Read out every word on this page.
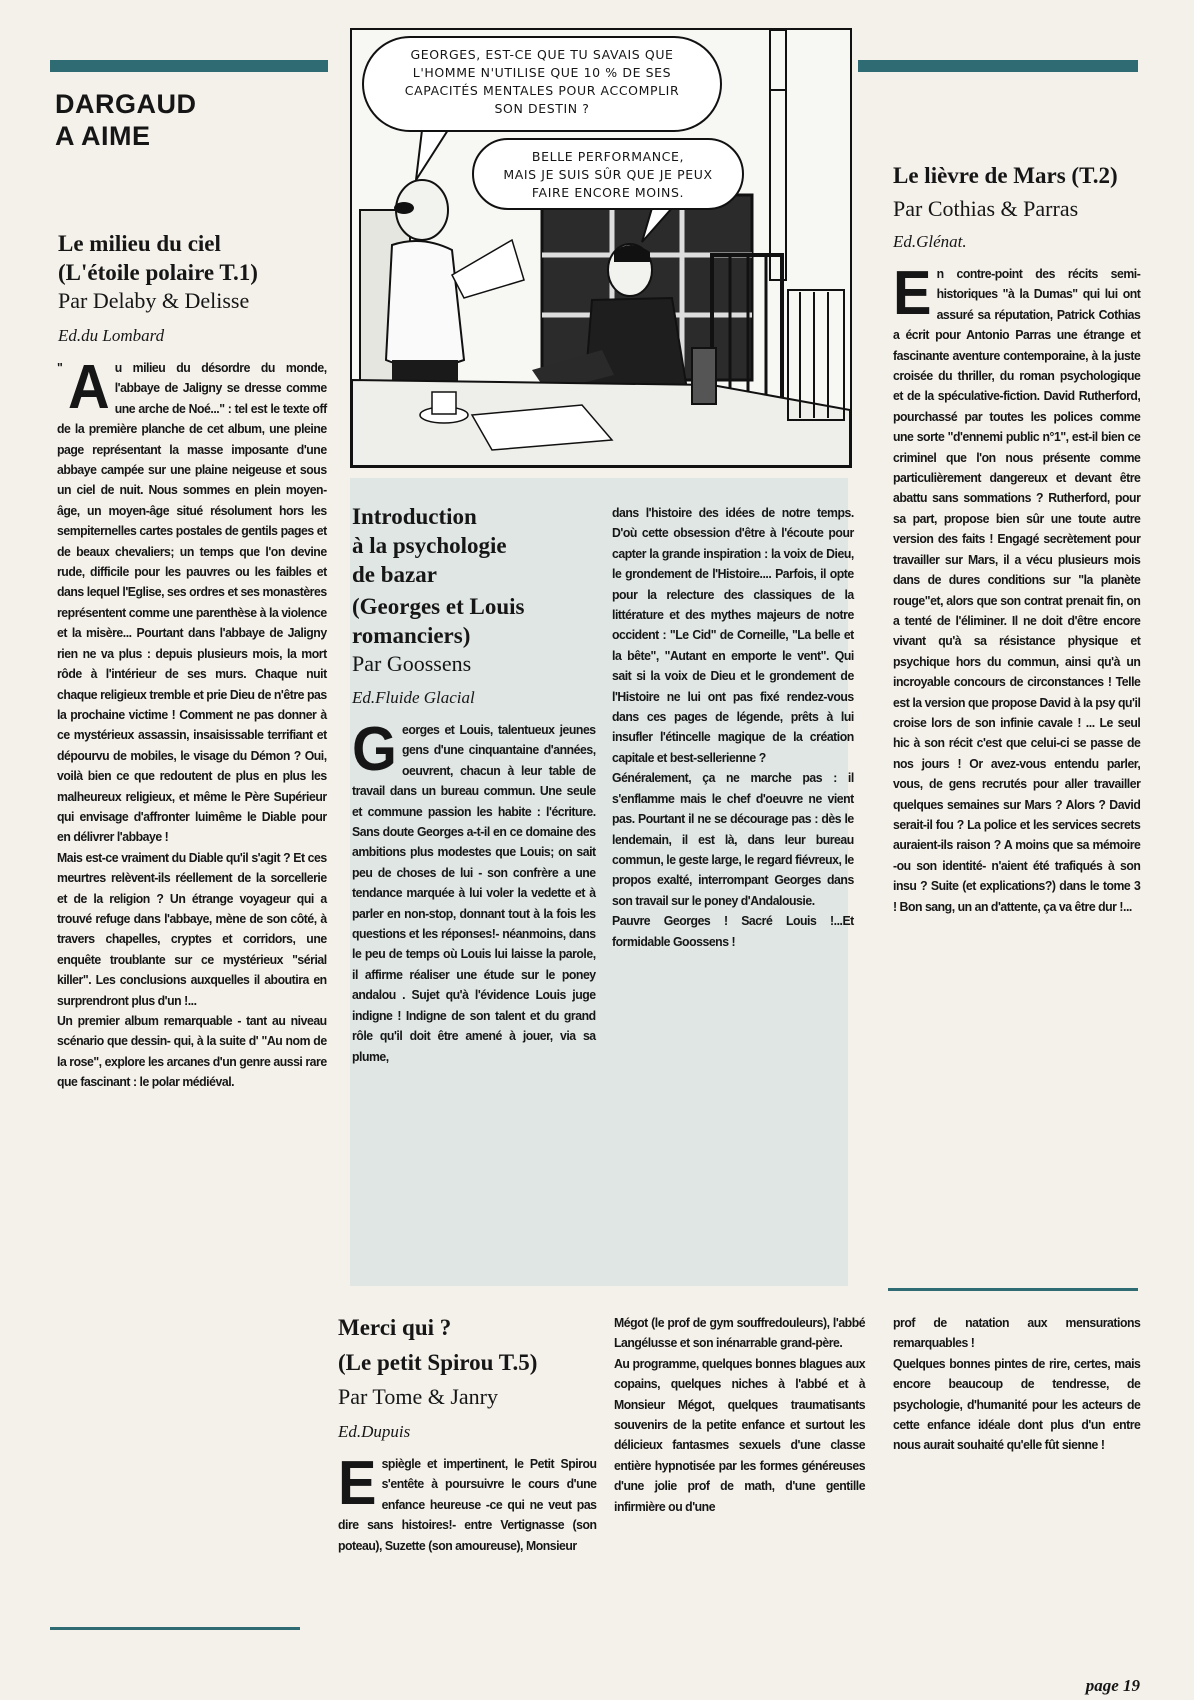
DARGAUD
A AIME
GEORGES, EST-CE QUE TU SAVAIS QUE
L'HOMME N'UTILISE QUE 10 % DE SES
CAPACITÉS MENTALES POUR ACCOMPLIR
SON DESTIN ?
BELLE PERFORMANCE,
MAIS JE SUIS SÛR QUE JE PEUX
FAIRE ENCORE MOINS.
Le milieu du ciel
(L'étoile polaire T.1)
Par Delaby & Delisse
Ed.du Lombard

" A u milieu du désordre du monde, l'abbaye de Jaligny se dresse comme une arche de Noé..." : tel est le texte off de la première planche de cet album, une pleine page représentant la masse imposante d'une abbaye campée sur une plaine neigeuse et sous un ciel de nuit. Nous sommes en plein moyen-âge, un moyen-âge situé résolument hors les sempiternelles cartes postales de gentils pages et de beaux chevaliers; un temps que l'on devine rude, difficile pour les pauvres ou les faibles et dans lequel l'Eglise, ses ordres et ses monastères représentent comme une parenthèse à la violence et la misère... Pourtant dans l'abbaye de Jaligny rien ne va plus : depuis plusieurs mois, la mort rôde à l'intérieur de ses murs. Chaque nuit chaque religieux tremble et prie Dieu de n'être pas la prochaine victime ! Comment ne pas donner à ce mystérieux assassin, insaisissable terrifiant et dépourvu de mobiles, le visage du Démon ? Oui, voilà bien ce que redoutent de plus en plus les malheureux religieux, et même le Père Supérieur qui envisage d'affronter luimême le Diable pour en délivrer l'abbaye !

Mais est-ce vraiment du Diable qu'il s'agit ? Et ces meurtres relèvent-ils réellement de la sorcellerie et de la religion ? Un étrange voyageur qui a trouvé refuge dans l'abbaye, mène de son côté, à travers chapelles, cryptes et corridors, une enquête troublante sur ce mystérieux "sérial killer". Les conclusions auxquelles il aboutira en surprendront plus d'un !...

Un premier album remarquable - tant au niveau scénario que dessin- qui, à la suite d' "Au nom de la rose", explore les arcanes d'un genre aussi rare que fascinant : le polar médiéval.

Introduction
à la psychologie
de bazar
(Georges et Louis
romanciers)
Par Goossens
Ed.Fluide Glacial

Georges et Louis, talentueux jeunes gens d'une cinquantaine d'années, oeuvrent, chacun à leur table de travail dans un bureau commun. Une seule et commune passion les habite : l'écriture. Sans doute Georges a-t-il en ce domaine des ambitions plus modestes que Louis; on sait peu de choses de lui - son confrère a une tendance marquée à lui voler la vedette et à parler en non-stop, donnant tout à la fois les questions et les réponses!- néanmoins, dans le peu de temps où Louis lui laisse la parole, il affirme réaliser une étude sur le poney andalou . Sujet qu'à l'évidence Louis juge indigne ! Indigne de son talent et du grand rôle qu'il doit être amené à jouer, via sa plume,

dans l'histoire des idées de notre temps. D'où cette obsession d'être à l'écoute pour capter la grande inspiration : la voix de Dieu, le grondement de l'Histoire.... Parfois, il opte pour la relecture des classiques de la littérature et des mythes majeurs de notre occident : "Le Cid" de Corneille, "La belle et la bête", "Autant en emporte le vent". Qui sait si la voix de Dieu et le grondement de l'Histoire ne lui ont pas fixé rendez-vous dans ces pages de légende, prêts à lui insufler l'étincelle magique de la création capitale et best-sellerienne ?

Généralement, ça ne marche pas : il s'enflamme mais le chef d'oeuvre ne vient pas. Pourtant il ne se décourage pas : dès le lendemain, il est là, dans leur bureau commun, le geste large, le regard fiévreux, le propos exalté, interrompant Georges dans son travail sur le poney d'Andalousie.

Pauvre Georges ! Sacré Louis !...Et formidable Goossens !

Le lièvre de Mars (T.2)
Par Cothias & Parras
Ed.Glénat.

En contre-point des récits semi-historiques "à la Dumas" qui lui ont assuré sa réputation, Patrick Cothias a écrit pour Antonio Parras une étrange et fascinante aventure contemporaine, à la juste croisée du thriller, du roman psychologique et de la spéculative-fiction. David Rutherford, pourchassé par toutes les polices comme une sorte "d'ennemi public n°1", est-il bien ce criminel que l'on nous présente comme particulièrement dangereux et devant être abattu sans sommations ? Rutherford, pour sa part, propose bien sûr une toute autre version des faits ! Engagé secrètement pour travailler sur Mars, il a vécu plusieurs mois dans de dures conditions sur "la planète rouge"et, alors que son contrat prenait fin, on a tenté de l'éliminer. Il ne doit d'être encore vivant qu'à sa résistance physique et psychique hors du commun, ainsi qu'à un incroyable concours de circonstances ! Telle est la version que propose David à la psy qu'il croise lors de son infinie cavale ! ... Le seul hic à son récit c'est que celui-ci se passe de nos jours ! Or avez-vous entendu parler, vous, de gens recrutés pour aller travailler quelques semaines sur Mars ? Alors ? David serait-il fou ? La police et les services secrets auraient-ils raison ? A moins que sa mémoire -ou son identité- n'aient été trafiqués à son insu ? Suite (et explications?) dans le tome 3 ! Bon sang, un an d'attente, ça va être dur !...

Merci qui ?
(Le petit Spirou T.5)
Par Tome & Janry
Ed.Dupuis

Espiègle et impertinent, le Petit Spirou s'entête à poursuivre le cours d'une enfance heureuse -ce qui ne veut pas dire sans histoires!- entre Vertignasse (son poteau), Suzette (son amoureuse), Monsieur

Mégot (le prof de gym souffredouleurs), l'abbé Langélusse et son inénarrable grand-père.

Au programme, quelques bonnes blagues aux copains, quelques niches à l'abbé et à Monsieur Mégot, quelques traumatisants souvenirs de la petite enfance et surtout les délicieux fantasmes sexuels d'une classe entière hypnotisée par les formes généreuses d'une jolie prof de math, d'une gentille infirmière ou d'une

prof de natation aux mensurations remarquables !

Quelques bonnes pintes de rire, certes, mais encore beaucoup de tendresse, de psychologie, d'humanité pour les acteurs de cette enfance idéale dont plus d'un entre nous aurait souhaité qu'elle fût sienne !

page 19
